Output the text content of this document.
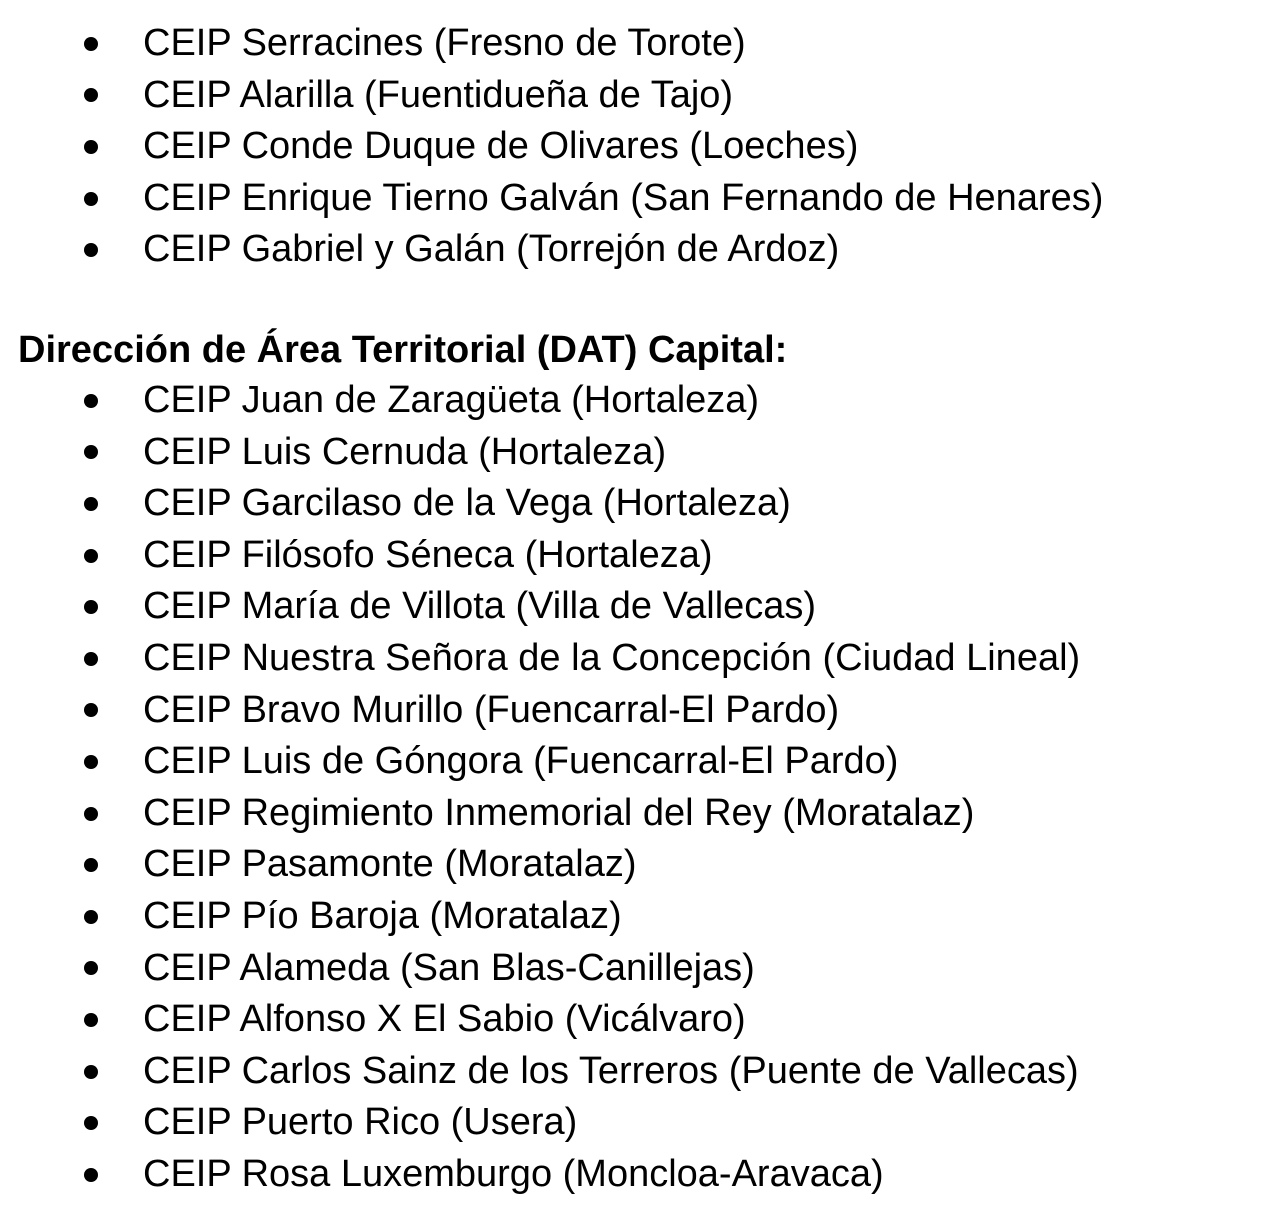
CEIP Serracines (Fresno de Torote)
CEIP Alarilla (Fuentidueña de Tajo)
CEIP Conde Duque de Olivares (Loeches)
CEIP Enrique Tierno Galván (San Fernando de Henares)
CEIP Gabriel y Galán (Torrejón de Ardoz)
Dirección de Área Territorial (DAT) Capital:
CEIP Juan de Zaragüeta (Hortaleza)
CEIP Luis Cernuda (Hortaleza)
CEIP Garcilaso de la Vega (Hortaleza)
CEIP Filósofo Séneca (Hortaleza)
CEIP María de Villota (Villa de Vallecas)
CEIP Nuestra Señora de la Concepción (Ciudad Lineal)
CEIP Bravo Murillo (Fuencarral-El Pardo)
CEIP Luis de Góngora (Fuencarral-El Pardo)
CEIP Regimiento Inmemorial del Rey (Moratalaz)
CEIP Pasamonte (Moratalaz)
CEIP Pío Baroja (Moratalaz)
CEIP Alameda (San Blas-Canillejas)
CEIP Alfonso X El Sabio (Vicálvaro)
CEIP Carlos Sainz de los Terreros (Puente de Vallecas)
CEIP Puerto Rico (Usera)
CEIP Rosa Luxemburgo (Moncloa-Aravaca)
